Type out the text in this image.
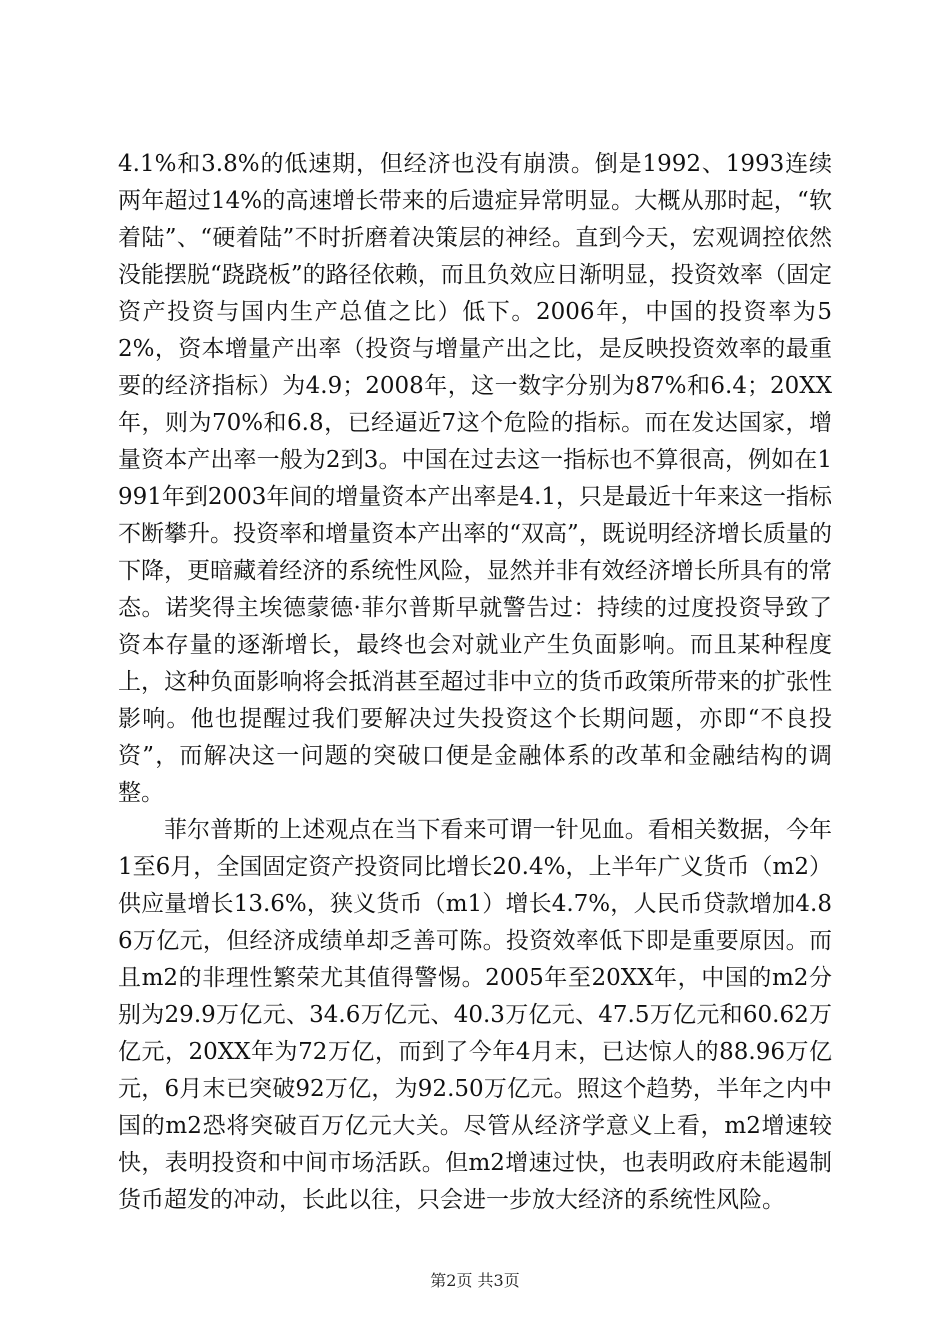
4.1%和3.8%的低速期，但经济也没有崩溃。倒是1992、1993连续两年超过14%的高速增长带来的后遗症异常明显。大概从那时起，“软着陆”、“硬着陆”不时折磨着决策层的神经。直到今天，宏观调控依然没能摆脱“跷跷板”的路径依赖，而且负效应日渐明显，投资效率（固定资产投资与国内生产总值之比）低下。2006年，中国的投资率为52%，资本增量产出率（投资与增量产出之比，是反映投资效率的最重要的经济指标）为4.9；2008年，这一数字分别为87%和6.4；20XX年，则为70%和6.8，已经逼近7这个危险的指标。而在发达国家，增量资本产出率一般为2到3。中国在过去这一指标也不算很高，例如在1991年到2003年间的增量资本产出率是4.1，只是最近十年来这一指标不断攀升。投资率和增量资本产出率的“双高”，既说明经济增长质量的下降，更暗藏着经济的系统性风险，显然并非有效经济增长所具有的常态。诺奖得主埃德蒙德·菲尔普斯早就警告过：持续的过度投资导致了资本存量的逐渐增长，最终也会对就业产生负面影响。而且某种程度上，这种负面影响将会抵消甚至超过非中立的货币政策所带来的扩张性影响。他也提醒过我们要解决过失投资这个长期问题，亦即“不良投资”，而解决这一问题的突破口便是金融体系的改革和金融结构的调整。

菲尔普斯的上述观点在当下看来可谓一针见血。看相关数据，今年1至6月，全国固定资产投资同比增长20.4%，上半年广义货币（m2）供应量增长13.6%，狭义货币（m1）增长4.7%，人民币贷款增加4.86万亿元，但经济成绩单却乏善可陈。投资效率低下即是重要原因。而且m2的非理性繁荣尤其值得警惕。2005年至20XX年，中国的m2分别为29.9万亿元、34.6万亿元、40.3万亿元、47.5万亿元和60.62万亿元，20XX年为72万亿，而到了今年4月末，已达惊人的88.96万亿元，6月末已突破92万亿，为92.50万亿元。照这个趋势，半年之内中国的m2恐将突破百万亿元大关。尽管从经济学意义上看，m2增速较快，表明投资和中间市场活跃。但m2增速过快，也表明政府未能遏制货币超发的冲动，长此以往，只会进一步放大经济的系统性风险。

第2页 共3页
